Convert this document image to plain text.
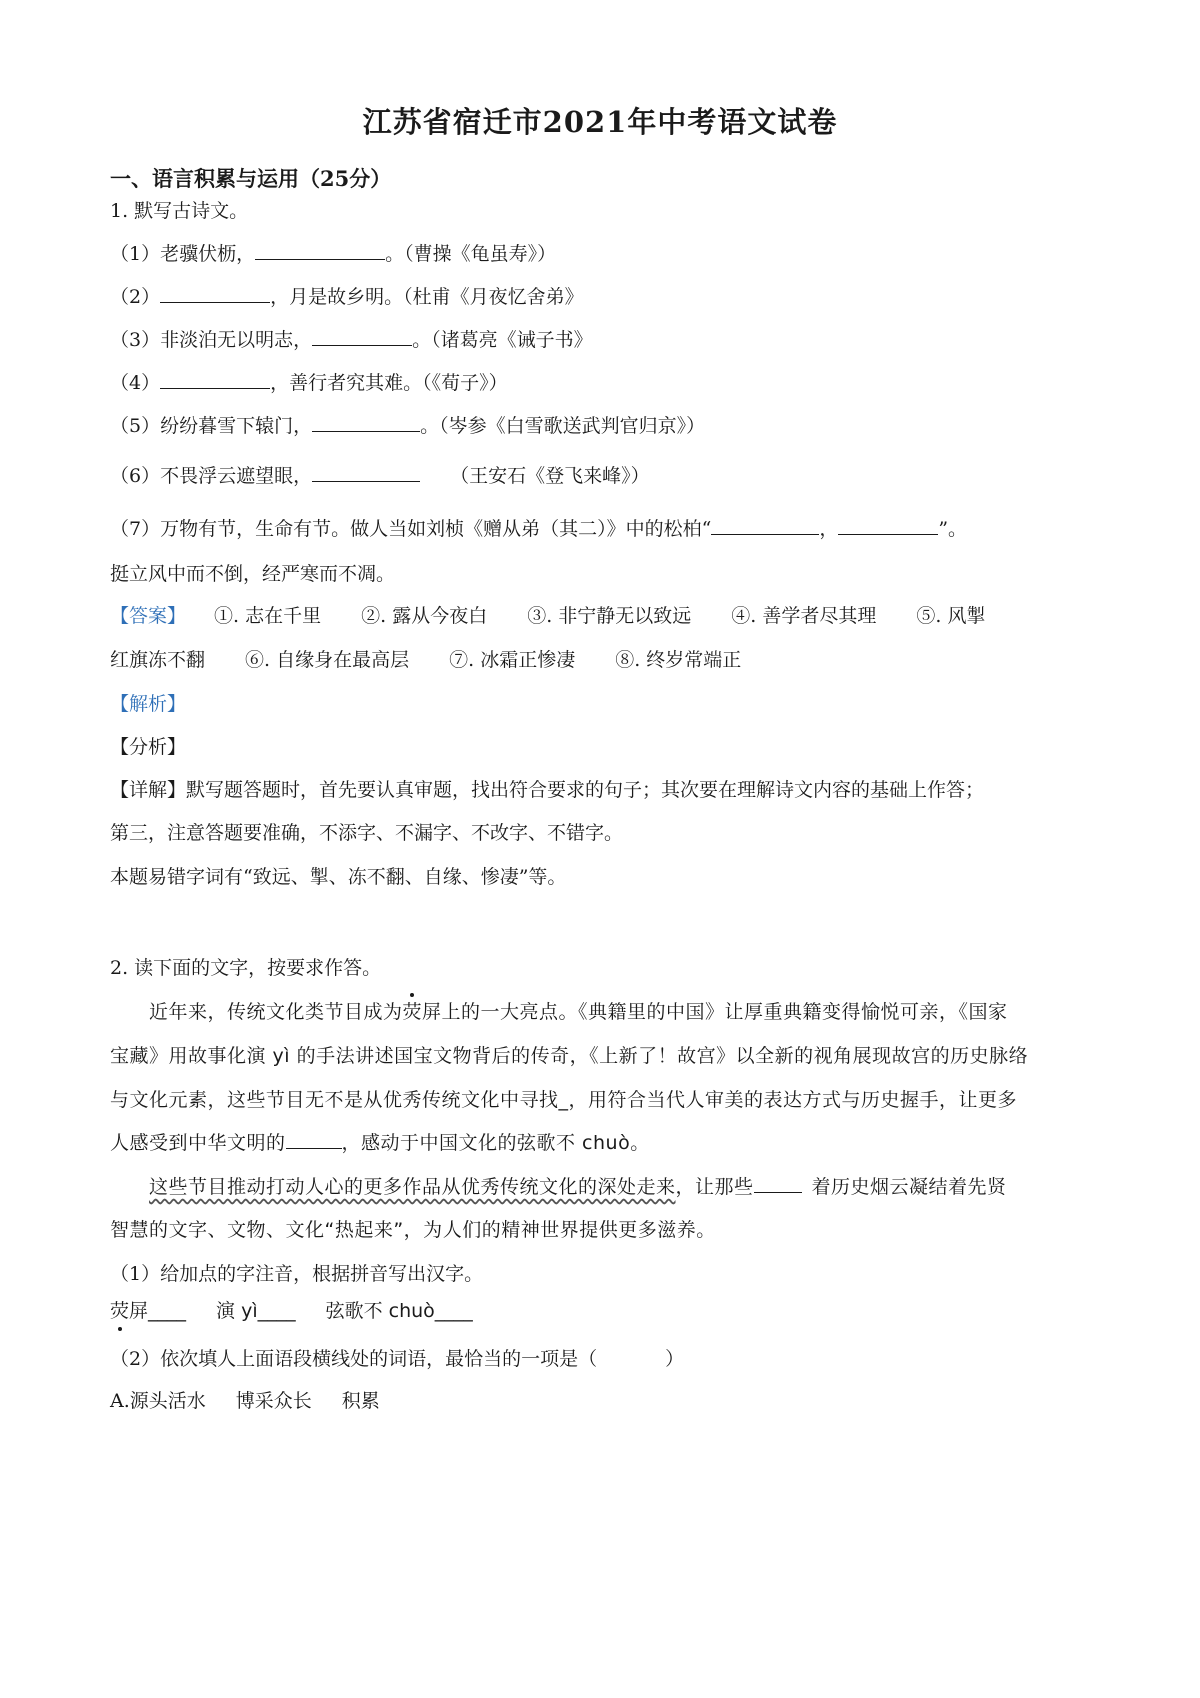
江苏省宿迁市2021年中考语文试卷
一、语言积累与运用（25分）
1. 默写古诗文。
（1）老骥伏枥，	。（曹操《龟虽寿》）
（2）	，月是故乡明。（杜甫《月夜忆舍弟》
（3）非淡泊无以明志，	。（诸葛亮《诫子书》
（4）	，善行者究其难。（《荀子》）
（5）纷纷暮雪下辕门，	。（岑参《白雪歌送武判官归京》）
（6）不畏浮云遮望眼，	（王安石《登飞来峰》）
（7）万物有节，生命有节。做人当如刘桢《赠从弟（其二）》中的松柏“	，	”。
挺立风中而不倒，经严寒而不凋。
【答案】 ①. 志在千里 ②. 露从今夜白 ③. 非宁静无以致远 ④. 善学者尽其理 ⑤. 风掣
红旗冻不翻 ⑥. 自缘身在最高层 ⑦. 冰霜正惨凄 ⑧. 终岁常端正
【解析】
【分析】
【详解】默写题答题时，首先要认真审题，找出符合要求的句子；其次要在理解诗文内容的基础上作答；
第三，注意答题要准确，不添字、不漏字、不改字、不错字。
本题易错字词有“致远、掣、冻不翻、自缘、惨凄”等。
2. 读下面的文字，按要求作答。
近年来，传统文化类节目成为荧屏上的一大亮点。《典籍里的中国》让厚重典籍变得愉悦可亲，《国家
宝藏》用故事化演 yì 的手法讲述国宝文物背后的传奇，《上新了！故宫》以全新的视角展现故宫的历史脉络
与文化元素，这些节目无不是从优秀传统文化中寻找_，用符合当代人审美的表达方式与历史握手，让更多
人感受到中华文明的	，感动于中国文化的弦歌不 chuò。
这些节目推动打动人心的更多作品从优秀传统文化的深处走来，让那些	着历史烟云凝结着先贤
智慧的文字、文物、文化“热起来”，为人们的精神世界提供更多滋养。
（1）给加点的字注音，根据拼音写出汉字。
荧屏____ 演 yì____ 弦歌不 chuò____
（2）依次填人上面语段横线处的词语，最恰当的一项是（	）
A.源头活水 博采众长 积累
